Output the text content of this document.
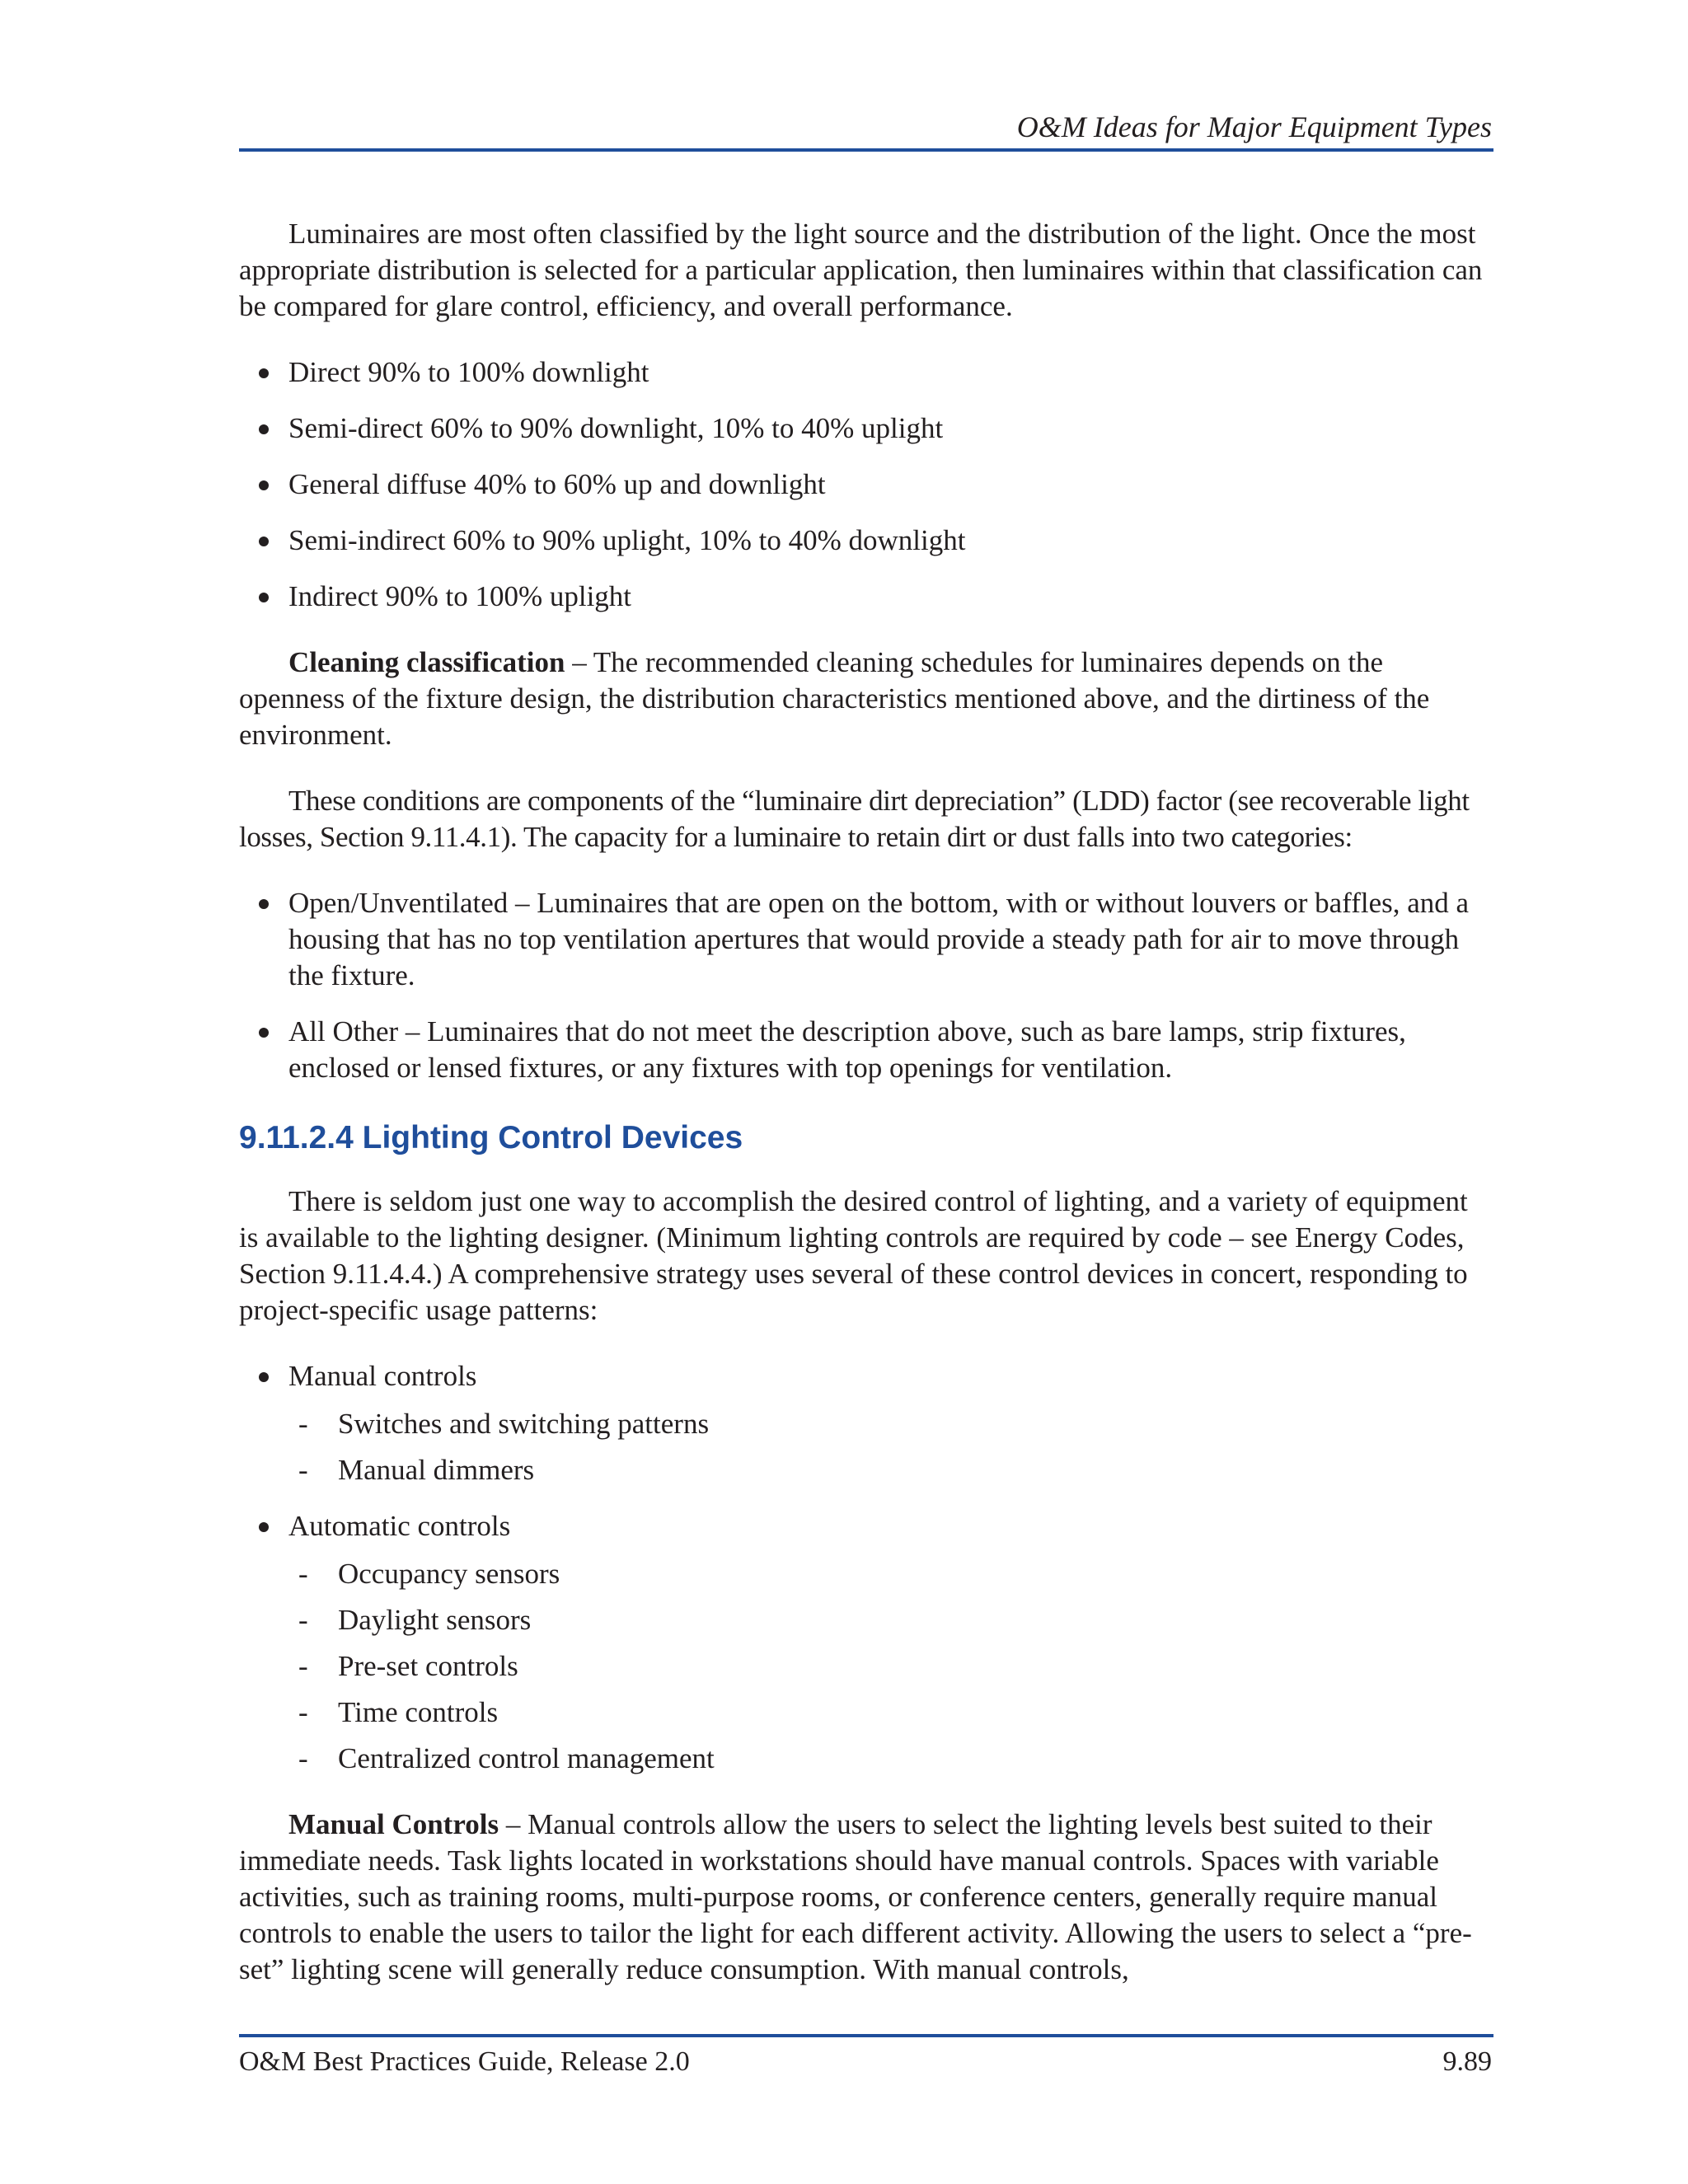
O&M Ideas for Major Equipment Types

Luminaires are most often classified by the light source and the distribution of the light. Once the most appropriate distribution is selected for a particular application, then luminaires within that classification can be compared for glare control, efficiency, and overall performance.

Direct 90% to 100% downlight
Semi-direct 60% to 90% downlight, 10% to 40% uplight
General diffuse 40% to 60% up and downlight
Semi-indirect 60% to 90% uplight, 10% to 40% downlight
Indirect 90% to 100% uplight

Cleaning classification – The recommended cleaning schedules for luminaires depends on the openness of the fixture design, the distribution characteristics mentioned above, and the dirtiness of the environment.

These conditions are components of the “luminaire dirt depreciation” (LDD) factor (see recoverable light losses, Section 9.11.4.1). The capacity for a luminaire to retain dirt or dust falls into two categories:

Open/Unventilated – Luminaires that are open on the bottom, with or without louvers or baffles, and a housing that has no top ventilation apertures that would provide a steady path for air to move through the fixture.
All Other – Luminaires that do not meet the description above, such as bare lamps, strip fixtures, enclosed or lensed fixtures, or any fixtures with top openings for ventilation.
9.11.2.4 Lighting Control Devices

There is seldom just one way to accomplish the desired control of lighting, and a variety of equipment is available to the lighting designer. (Minimum lighting controls are required by code – see Energy Codes, Section 9.11.4.4.) A comprehensive strategy uses several of these control devices in concert, responding to project-specific usage patterns:

Manual controls
- Switches and switching patterns
- Manual dimmers
Automatic controls
- Occupancy sensors
- Daylight sensors
- Pre-set controls
- Time controls
- Centralized control management

Manual Controls – Manual controls allow the users to select the lighting levels best suited to their immediate needs. Task lights located in workstations should have manual controls. Spaces with variable activities, such as training rooms, multi-purpose rooms, or conference centers, generally require manual controls to enable the users to tailor the light for each different activity. Allowing the users to select a “pre-set” lighting scene will generally reduce consumption. With manual controls,

O&M Best Practices Guide, Release 2.0	9.89
